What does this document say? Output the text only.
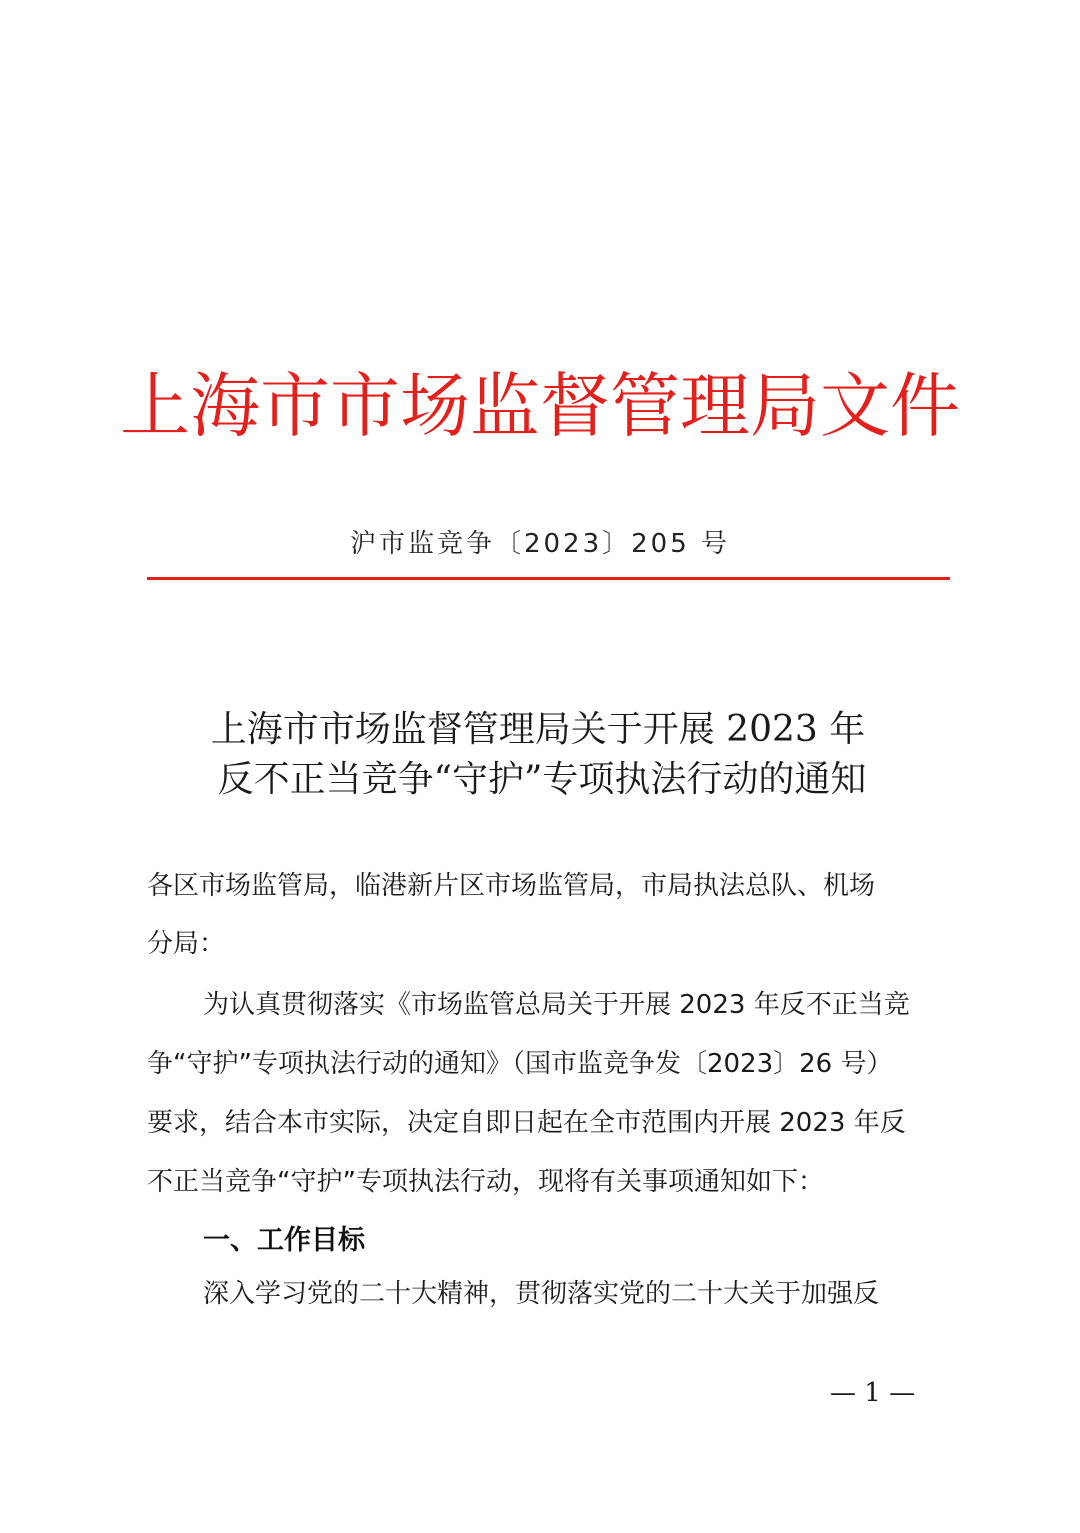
上海市市场监督管理局文件
沪市监竞争〔2023〕205 号
上海市市场监督管理局关于开展 2023 年
反不正当竞争“守护”专项执法行动的通知
各区市场监管局，临港新片区市场监管局，市局执法总队、机场
分局：
为认真贯彻落实《市场监管总局关于开展 2023 年反不正当竞
争“守护”专项执法行动的通知》（国市监竞争发〔2023〕26 号）
要求，结合本市实际，决定自即日起在全市范围内开展 2023 年反
不正当竞争“守护”专项执法行动，现将有关事项通知如下：
一、工作目标
深入学习党的二十大精神，贯彻落实党的二十大关于加强反
— 1 —
